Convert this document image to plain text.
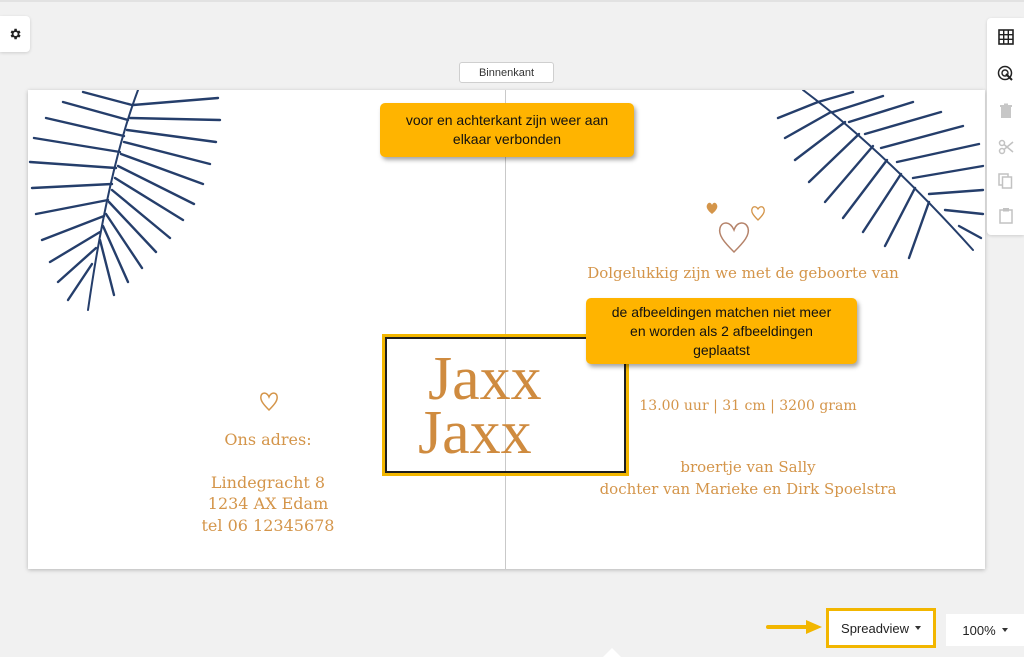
Binnenkant
Ons adres:
Lindegracht 8
1234 AX Edam
tel 06 12345678
Dolgelukkig zijn we met de geboorte van
13.00 uur | 31 cm | 3200 gram
broertje van Sally
dochter van Marieke en Dirk Spoelstra
Jaxx
Jaxx
voor en achterkant zijn weer aan
elkaar verbonden
de afbeeldingen matchen niet meer
en worden als 2 afbeeldingen
geplaatst
Spreadview	100%
